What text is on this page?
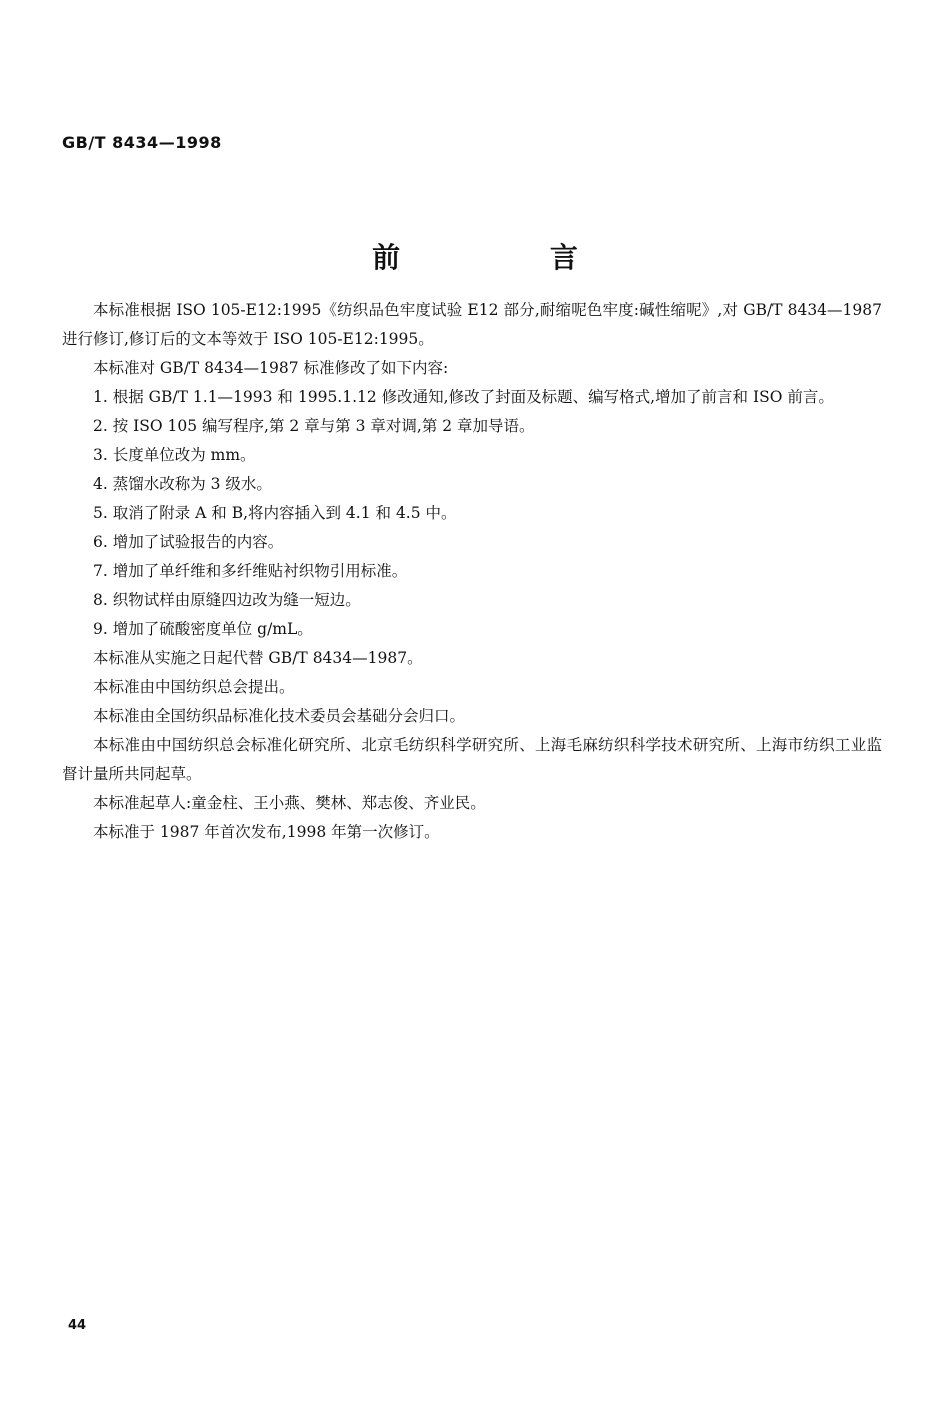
GB/T 8434—1998
前 言

本标准根据 ISO 105-E12:1995《纺织品色牢度试验 E12 部分,耐缩呢色牢度:碱性缩呢》,对 GB/T 8434—1987进行修订,修订后的文本等效于 ISO 105-E12:1995。

本标准对 GB/T 8434—1987 标准修改了如下内容:

1. 根据 GB/T 1.1—1993 和 1995.1.12 修改通知,修改了封面及标题、编写格式,增加了前言和 ISO 前言。

2. 按 ISO 105 编写程序,第 2 章与第 3 章对调,第 2 章加导语。

3. 长度单位改为 mm。

4. 蒸馏水改称为 3 级水。

5. 取消了附录 A 和 B,将内容插入到 4.1 和 4.5 中。

6. 增加了试验报告的内容。

7. 增加了单纤维和多纤维贴衬织物引用标准。

8. 织物试样由原缝四边改为缝一短边。

9. 增加了硫酸密度单位 g/mL。

本标准从实施之日起代替 GB/T 8434—1987。

本标准由中国纺织总会提出。

本标准由全国纺织品标准化技术委员会基础分会归口。

本标准由中国纺织总会标准化研究所、北京毛纺织科学研究所、上海毛麻纺织科学技术研究所、上海市纺织工业监督计量所共同起草。

本标准起草人:童金柱、王小燕、樊林、郑志俊、齐业民。

本标准于 1987 年首次发布,1998 年第一次修订。

44
